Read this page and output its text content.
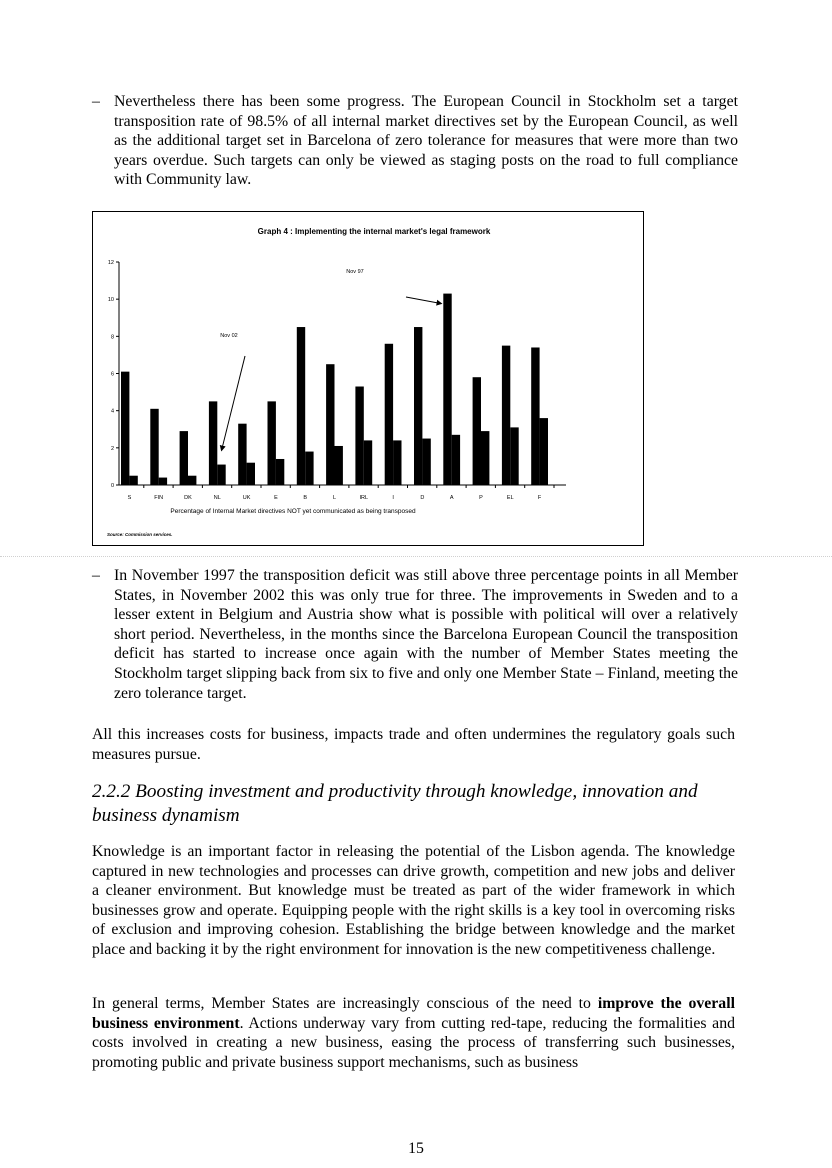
– Nevertheless there has been some progress. The European Council in Stockholm set a target transposition rate of 98.5% of all internal market directives set by the European Council, as well as the additional target set in Barcelona of zero tolerance for measures that were more than two years overdue. Such targets can only be viewed as staging posts on the road to full compliance with Community law.
Graph 4 : Implementing the internal market's legal framework
0
2
4
6
8
10
12
S	FIN	DK	NL	UK	E	B	L	IRL	I	D	A	P	EL	F
Nov 97
Nov 02
Percentage of Internal Market directives NOT yet communicated as being transposed
Source: Commission services.
– In November 1997 the transposition deficit was still above three percentage points in all Member States, in November 2002 this was only true for three. The improvements in Sweden and to a lesser extent in Belgium and Austria show what is possible with political will over a relatively short period. Nevertheless, in the months since the Barcelona European Council the transposition deficit has started to increase once again with the number of Member States meeting the Stockholm target slipping back from six to five and only one Member State – Finland, meeting the zero tolerance target.
All this increases costs for business, impacts trade and often undermines the regulatory goals such measures pursue.
2.2.2 Boosting investment and productivity through knowledge, innovation and business dynamism
Knowledge is an important factor in releasing the potential of the Lisbon agenda. The knowledge captured in new technologies and processes can drive growth, competition and new jobs and deliver a cleaner environment. But knowledge must be treated as part of the wider framework in which businesses grow and operate. Equipping people with the right skills is a key tool in overcoming risks of exclusion and improving cohesion. Establishing the bridge between knowledge and the market place and backing it by the right environment for innovation is the new competitiveness challenge.
In general terms, Member States are increasingly conscious of the need to improve the overall business environment. Actions underway vary from cutting red-tape, reducing the formalities and costs involved in creating a new business, easing the process of transferring such businesses, promoting public and private business support mechanisms, such as business
15
